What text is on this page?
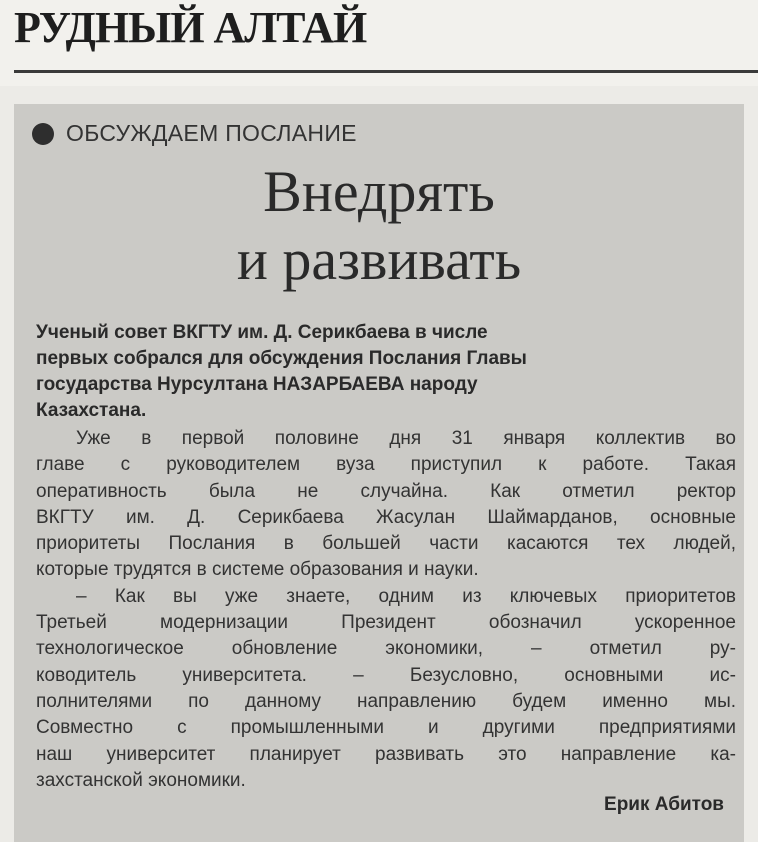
РУДНЫЙ АЛТАЙ
ОБСУЖДАЕМ ПОСЛАНИЕ
Внедрять
и развивать
Ученый совет ВКГТУ им. Д. Серикбаева в числе
первых собрался для обсуждения Послания Главы
государства Нурсултана НАЗАРБАЕВА народу
Казахстана.
Уже в первой половине дня 31 января коллектив во
главе с руководителем вуза приступил к работе. Такая
оперативность была не случайна. Как отметил ректор
ВКГТУ им. Д. Серикбаева Жасулан Шаймарданов, основные
приоритеты Послания в большей части касаются тех людей,
которые трудятся в системе образования и науки.
– Как вы уже знаете, одним из ключевых приоритетов
Третьей модернизации Президент обозначил ускоренное
технологическое обновление экономики, – отметил ру-
ководитель университета. – Безусловно, основными ис-
полнителями по данному направлению будем именно мы.
Совместно с промышленными и другими предприятиями
наш университет планирует развивать это направление ка-
захстанской экономики.
Ерик Абитов
